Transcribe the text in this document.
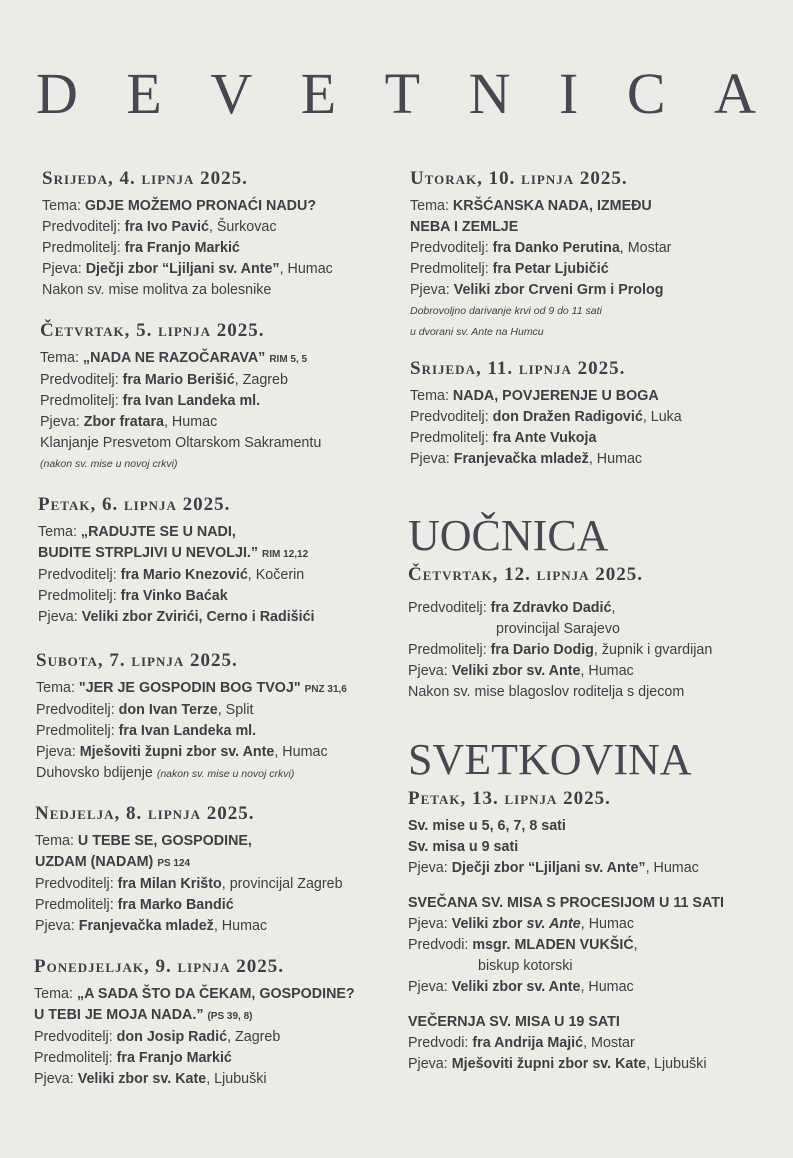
D E V E T N I C A
Srijeda, 4. lipnja 2025.
Tema: GDJE MOŽEMO PRONAĆI NADU?
Predvoditelj: fra Ivo Pavić, Šurkovac
Predmolitelj: fra Franjo Markić
Pjeva: Dječji zbor “Ljiljani sv. Ante”, Humac
Nakon sv. mise molitva za bolesnike
Četvrtak, 5. lipnja 2025.
Tema: „NADA NE RAZOČARAVA” RIM 5, 5
Predvoditelj: fra Mario Berišić, Zagreb
Predmolitelj: fra Ivan Landeka ml.
Pjeva: Zbor fratara, Humac
Klanjanje Presvetom Oltarskom Sakramentu
(nakon sv. mise u novoj crkvi)
Petak, 6. lipnja 2025.
Tema: „RADUJTE SE U NADI,
BUDITE STRPLJIVI U NEVOLJI.” RIM 12,12
Predvoditelj: fra Mario Knezović, Kočerin
Predmolitelj: fra Vinko Baćak
Pjeva: Veliki zbor Zvirići, Cerno i Radišići
Subota, 7. lipnja 2025.
Tema: "JER JE GOSPODIN BOG TVOJ" PNZ 31,6
Predvoditelj: don Ivan Terze, Split
Predmolitelj: fra Ivan Landeka ml.
Pjeva: Mješoviti župni zbor sv. Ante, Humac
Duhovsko bdijenje (nakon sv. mise u novoj crkvi)
Nedjelja, 8. lipnja 2025.
Tema: U TEBE SE, GOSPODINE,
UZDAM (NADAM) PS 124
Predvoditelj: fra Milan Krišto, provincijal Zagreb
Predmolitelj: fra Marko Bandić
Pjeva: Franjevačka mladež, Humac
Ponedjeljak, 9. lipnja 2025.
Tema: „A SADA ŠTO DA ČEKAM, GOSPODINE?
U TEBI JE MOJA NADA.” (PS 39, 8)
Predvoditelj: don Josip Radić, Zagreb
Predmolitelj: fra Franjo Markić
Pjeva: Veliki zbor sv. Kate, Ljubuški
Utorak, 10. lipnja 2025.
Tema: KRŠĆANSKA NADA, IZMEĐU
NEBA I ZEMLJE
Predvoditelj: fra Danko Perutina, Mostar
Predmolitelj: fra Petar Ljubičić
Pjeva: Veliki zbor Crveni Grm i Prolog
Dobrovoljno darivanje krvi od 9 do 11 sati
u dvorani sv. Ante na Humcu
Srijeda, 11. lipnja 2025.
Tema: NADA, POVJERENJE U BOGA
Predvoditelj: don Dražen Radigović, Luka
Predmolitelj: fra Ante Vukoja
Pjeva: Franjevačka mladež, Humac
UOČNICA
Četvrtak, 12. lipnja 2025.
Predvoditelj: fra Zdravko Dadić,
provincijal Sarajevo
Predmolitelj: fra Dario Dodig, župnik i gvardijan
Pjeva: Veliki zbor sv. Ante, Humac
Nakon sv. mise blagoslov roditelja s djecom
SVETKOVINA
Petak, 13. lipnja 2025.
Sv. mise u 5, 6, 7, 8 sati
Sv. misa u 9 sati
Pjeva: Dječji zbor “Ljiljani sv. Ante”, Humac
SVEČANA SV. MISA S PROCESIJOM U 11 SATI
Pjeva: Veliki zbor sv. Ante, Humac
Predvodi: msgr. MLADEN VUKŠIĆ,
biskup kotorski
Pjeva: Veliki zbor sv. Ante, Humac
VEČERNJA SV. MISA U 19 SATI
Predvodi: fra Andrija Majić, Mostar
Pjeva: Mješoviti župni zbor sv. Kate, Ljubuški
